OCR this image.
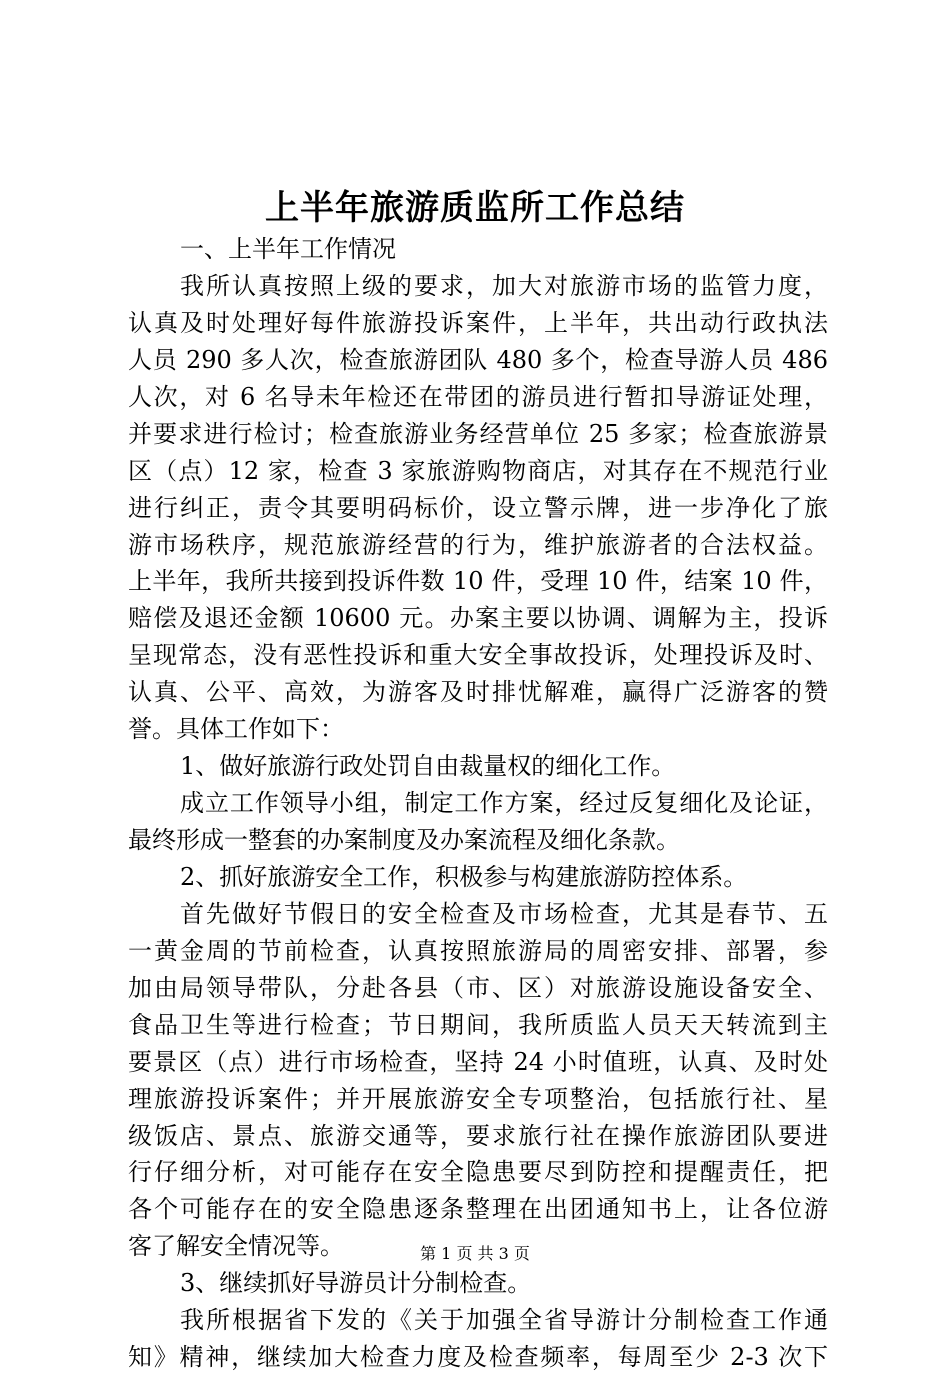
上半年旅游质监所工作总结
一、上半年工作情况
我所认真按照上级的要求，加大对旅游市场的监管力度，
认真及时处理好每件旅游投诉案件，上半年，共出动行政执法
人员 290 多人次，检查旅游团队 480 多个，检查导游人员 486
人次，对 6 名导未年检还在带团的游员进行暂扣导游证处理，
并要求进行检讨；检查旅游业务经营单位 25 多家；检查旅游景
区（点）12 家，检查 3 家旅游购物商店，对其存在不规范行业
进行纠正，责令其要明码标价，设立警示牌，进一步净化了旅
游市场秩序，规范旅游经营的行为，维护旅游者的合法权益。
上半年，我所共接到投诉件数 10 件，受理 10 件，结案 10 件，
赔偿及退还金额 10600 元。办案主要以协调、调解为主，投诉
呈现常态，没有恶性投诉和重大安全事故投诉，处理投诉及时、
认真、公平、高效，为游客及时排忧解难，赢得广泛游客的赞
誉。具体工作如下：
1、做好旅游行政处罚自由裁量权的细化工作。
成立工作领导小组，制定工作方案，经过反复细化及论证，
最终形成一整套的办案制度及办案流程及细化条款。
2、抓好旅游安全工作，积极参与构建旅游防控体系。
首先做好节假日的安全检查及市场检查，尤其是春节、五
一黄金周的节前检查，认真按照旅游局的周密安排、部署，参
加由局领导带队，分赴各县（市、区）对旅游设施设备安全、
食品卫生等进行检查；节日期间，我所质监人员天天转流到主
要景区（点）进行市场检查，坚持 24 小时值班，认真、及时处
理旅游投诉案件；并开展旅游安全专项整治，包括旅行社、星
级饭店、景点、旅游交通等，要求旅行社在操作旅游团队要进
行仔细分析，对可能存在安全隐患要尽到防控和提醒责任，把
各个可能存在的安全隐患逐条整理在出团通知书上，让各位游
客了解安全情况等。
3、继续抓好导游员计分制检查。
我所根据省下发的《关于加强全省导游计分制检查工作通
知》精神，继续加大检查力度及检查频率，每周至少 2-3 次下
第 1 页 共 3 页
